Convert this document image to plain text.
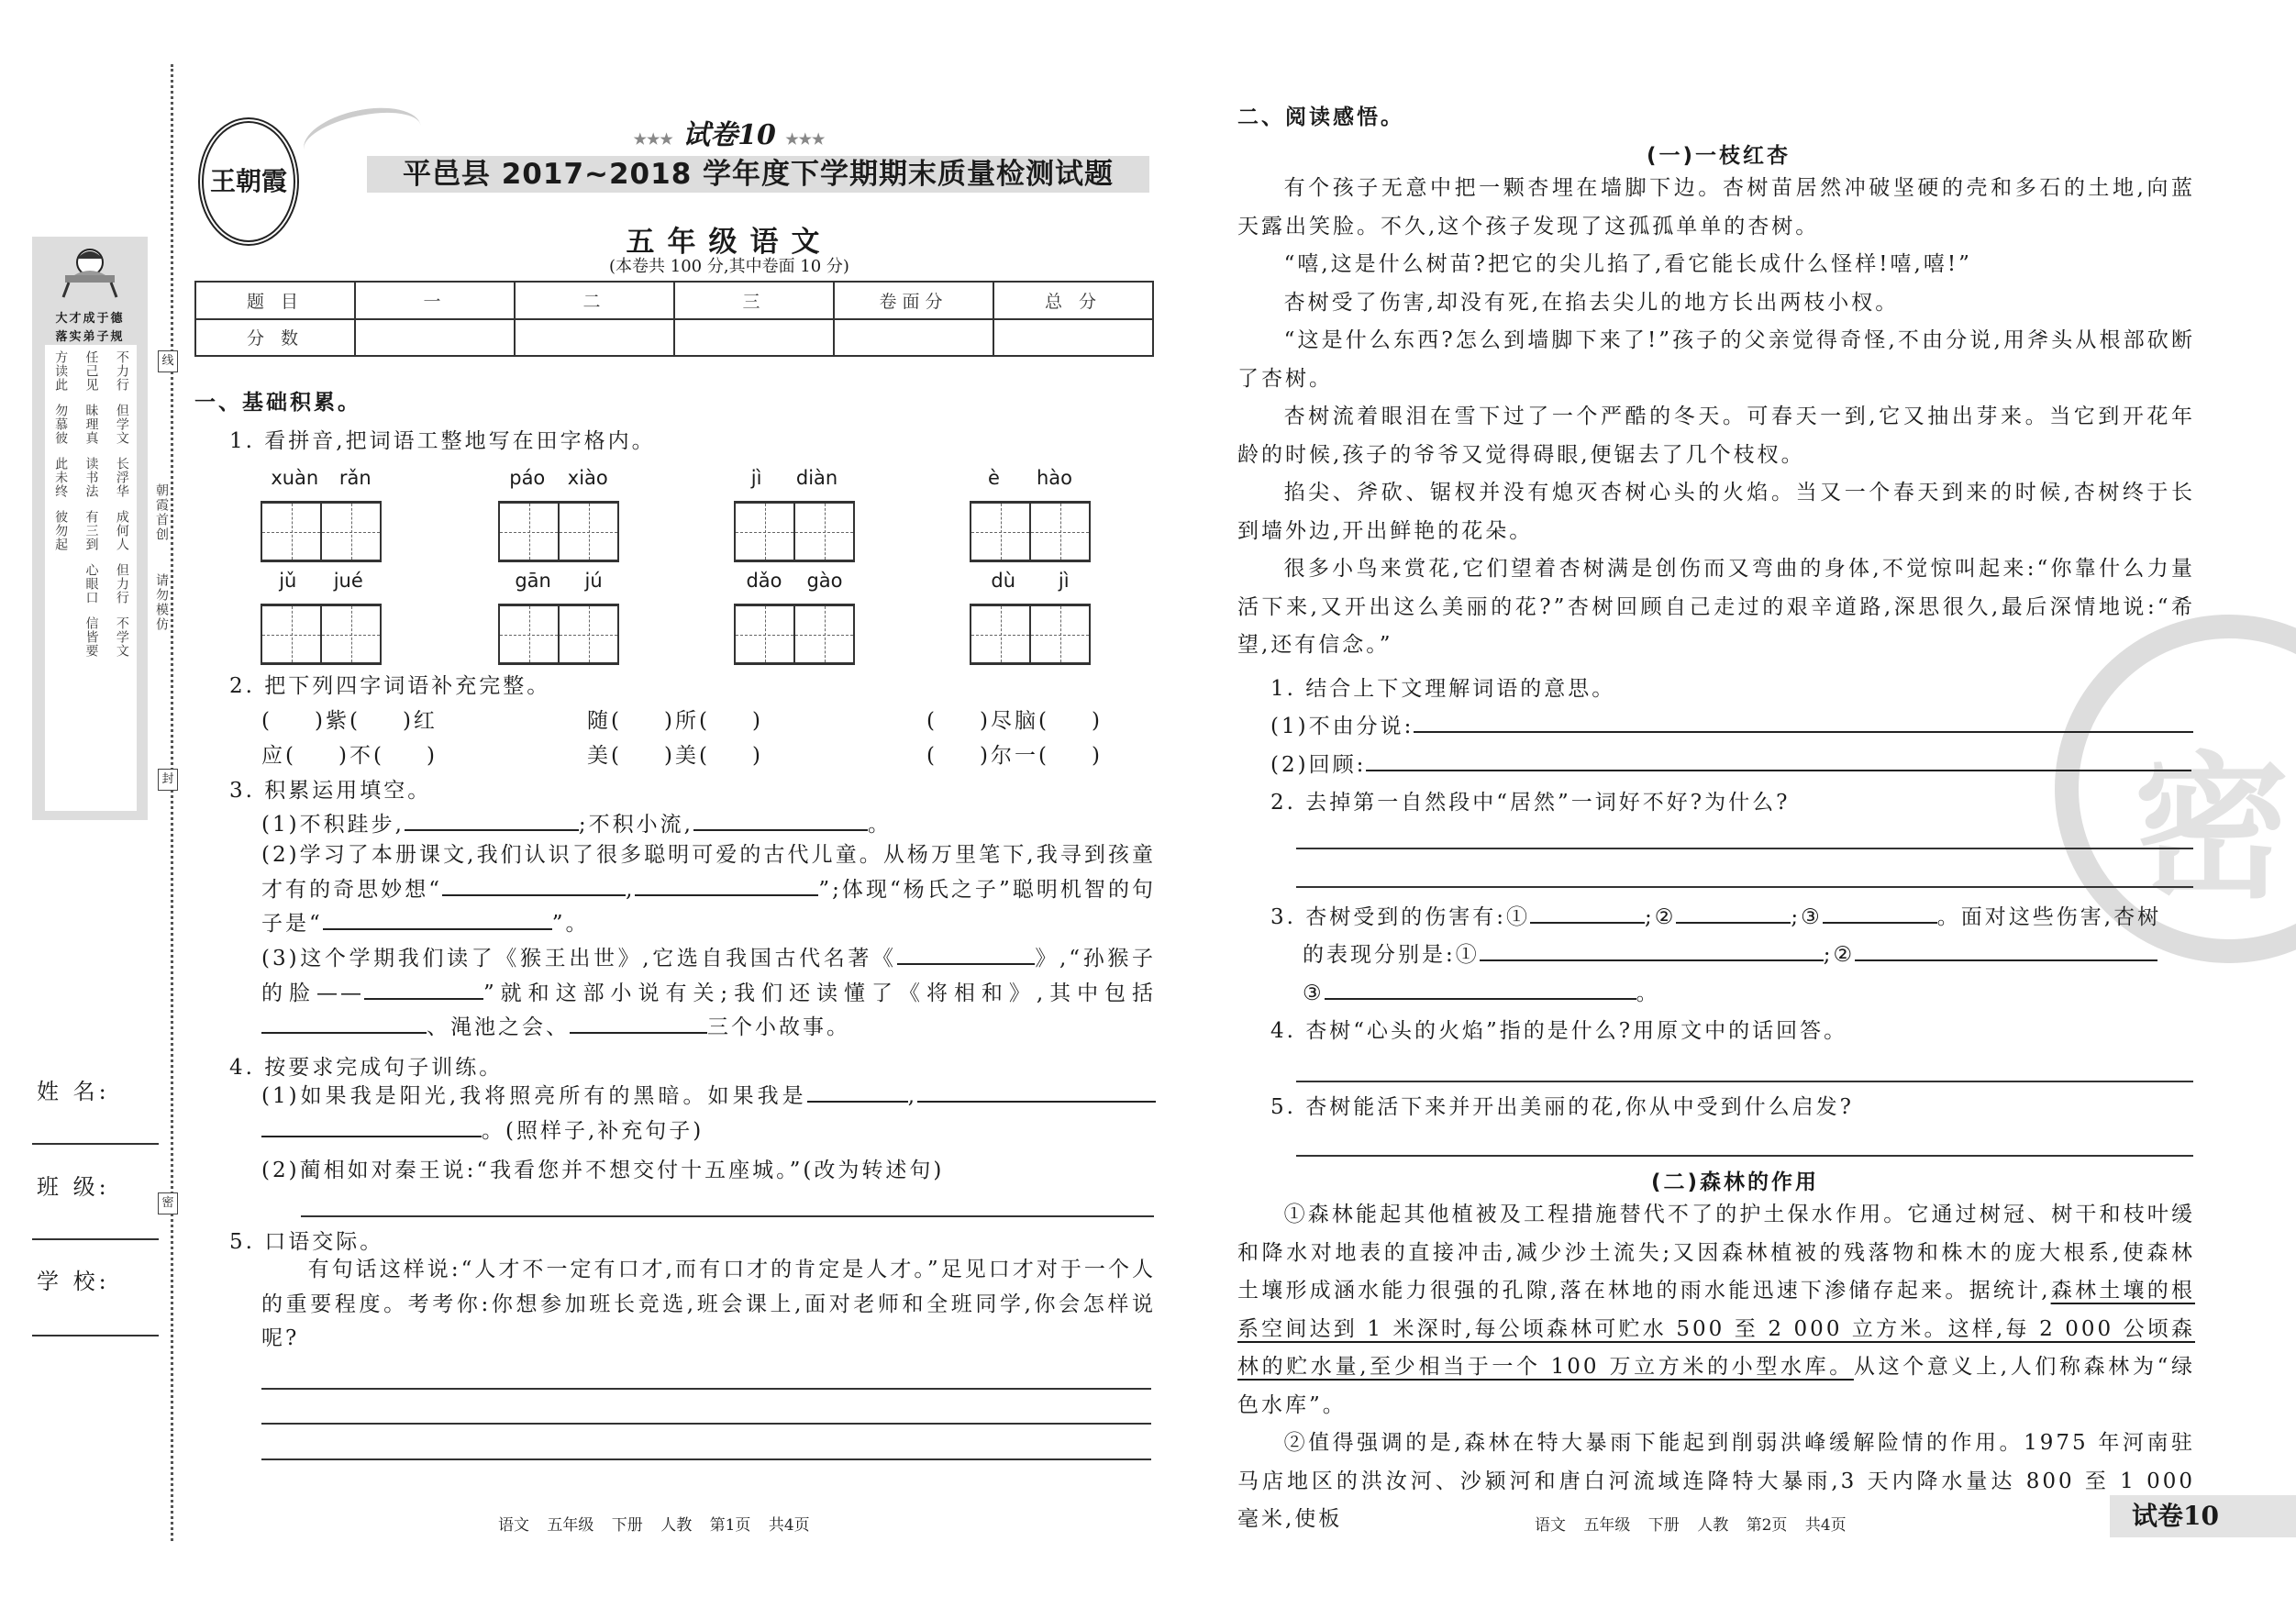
大才成于德
落实弟子规
不力行
但学文
长浮华
成何人
但力行
不学文
任己见
昧理真
读书法
有三到
心眼口
信皆要
方读此
勿慕彼
此未终
彼勿起	朝霞首创
请勿模仿
线
封
密
姓 名:
班 级:
学 校:
王朝霞
★★★ 试卷10 ★★★
平邑县 2017~2018 学年度下学期期末质量检测试题
五年级语文
(本卷共 100 分,其中卷面 10 分)
题 目	一	二	三	卷面分	总 分
分 数					
一、基础积累。
1. 看拼音,把词语工整地写在田字格内。
xuàn rǎn	páo xiào	jì diàn	è hào
jǔ jué	gān jú	dǎo gào	dù jì
2. 把下列四字词语补充完整。
( )紫( )红	随( )所( )	( )尽脑( )
应( )不( )	美( )美( )	( )尔一( )
3. 积累运用填空。
(1)不积跬步,	;不积小流,	。
(2)学习了本册课文,我们认识了很多聪明可爱的古代儿童。从杨万里笔下,我寻到孩童才有的奇思妙想“	,	”;体现“杨氏之子”聪明机智的句子是“	”。
(3)这个学期我们读了《猴王出世》,它选自我国古代名著《	》,“孙猴子的脸——	”就和这部小说有关;我们还读懂了《将相和》,其中包括、渑池之会、	三个小故事。
4. 按要求完成句子训练。
(1)如果我是阳光,我将照亮所有的黑暗。如果我是	,。(照样子,补充句子)
(2)蔺相如对秦王说:“我看您并不想交付十五座城。”(改为转述句)
5. 口语交际。

有句话这样说:“人才不一定有口才,而有口才的肯定是人才。”足见口才对于一个人的重要程度。考考你:你想参加班长竞选,班会课上,面对老师和全班同学,你会怎样说呢?

密
二、阅读感悟。
(一)一枝红杏

有个孩子无意中把一颗杏埋在墙脚下边。杏树苗居然冲破坚硬的壳和多石的土地,向蓝天露出笑脸。不久,这个孩子发现了这孤孤单单的杏树。

“嘻,这是什么树苗?把它的尖儿掐了,看它能长成什么怪样!嘻,嘻!”

杏树受了伤害,却没有死,在掐去尖儿的地方长出两枝小杈。

“这是什么东西?怎么到墙脚下来了!”孩子的父亲觉得奇怪,不由分说,用斧头从根部砍断了杏树。

杏树流着眼泪在雪下过了一个严酷的冬天。可春天一到,它又抽出芽来。当它到开花年龄的时候,孩子的爷爷又觉得碍眼,便锯去了几个枝杈。

掐尖、斧砍、锯杈并没有熄灭杏树心头的火焰。当又一个春天到来的时候,杏树终于长到墙外边,开出鲜艳的花朵。

很多小鸟来赏花,它们望着杏树满是创伤而又弯曲的身体,不觉惊叫起来:“你靠什么力量活下来,又开出这么美丽的花?”杏树回顾自己走过的艰辛道路,深思很久,最后深情地说:“希望,还有信念。”

1. 结合上下文理解词语的意思。
(1)不由分说:
(2)回顾:
2. 去掉第一自然段中“居然”一词好不好?为什么?
3. 杏树受到的伤害有:①	;②	;③	。面对这些伤害,杏树
的表现分别是:①	;②
③	。
4. 杏树“心头的火焰”指的是什么?用原文中的话回答。
5. 杏树能活下来并开出美丽的花,你从中受到什么启发?
(二)森林的作用

①森林能起其他植被及工程措施替代不了的护土保水作用。它通过树冠、树干和枝叶缓和降水对地表的直接冲击,减少沙土流失;又因森林植被的残落物和株木的庞大根系,使森林土壤形成涵水能力很强的孔隙,落在林地的雨水能迅速下渗储存起来。据统计,森林土壤的根系空间达到 1 米深时,每公顷森林可贮水 500 至 2 000 立方米。这样,每 2 000 公顷森林的贮水量,至少相当于一个 100 万立方米的小型水库。从这个意义上,人们称森林为“绿色水库”。

②值得强调的是,森林在特大暴雨下能起到削弱洪峰缓解险情的作用。1975 年河南驻马店地区的洪汝河、沙颍河和唐白河流域连降特大暴雨,3 天内降水量达 800 至 1 000 毫米,使板

语文 五年级 下册 人教 第1页 共4页	语文 五年级 下册 人教 第2页 共4页	试卷10
